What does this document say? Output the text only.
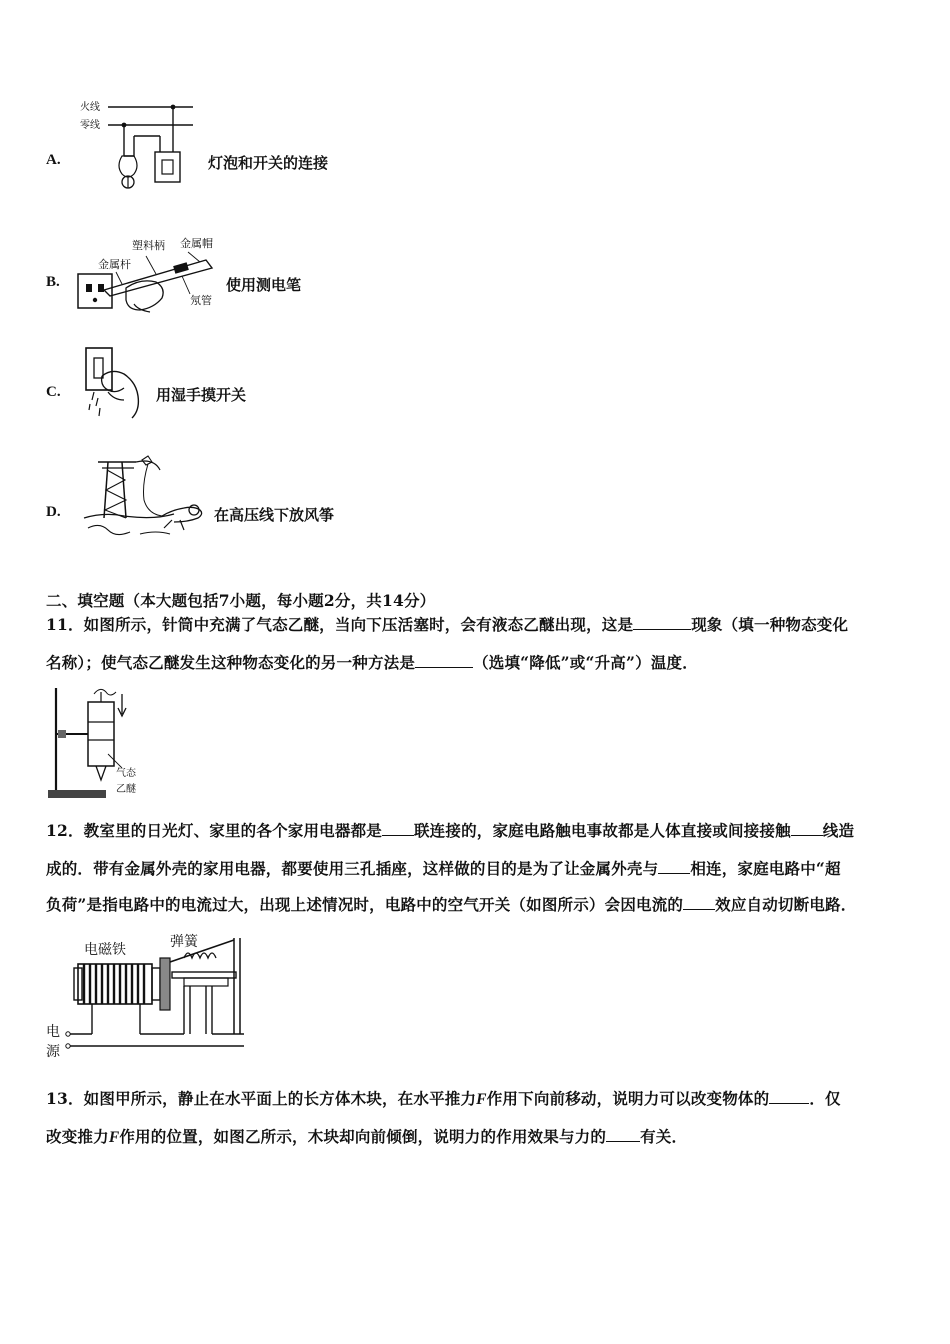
A.
火线
零线
灯泡和开关的连接
B.
塑料柄 金属帽
金属杆
氖管
使用测电笔
C.	用湿手摸开关
D.	在高压线下放风筝
二、填空题（本大题包括7小题，每小题2分，共14分）
11．如图所示，针筒中充满了气态乙醚，当向下压活塞时，会有液态乙醚出现，这是	现象（填一种物态变化
名称）；使气态乙醚发生这种物态变化的另一种方法是	（选填“降低”或“升高”）温度．
气态
乙醚
12．教室里的日光灯、家里的各个家用电器都是 联连接的，家庭电路触电事故都是人体直接或间接接触 线造
成的．带有金属外壳的家用电器，都要使用三孔插座，这样做的目的是为了让金属外壳与 相连，家庭电路中“超
负荷”是指电路中的电流过大，出现上述情况时，电路中的空气开关（如图所示）会因电流的 效应自动切断电路．
电磁铁	弹簧
电
源
13．如图甲所示，静止在水平面上的长方体木块，在水平推力F作用下向前移动，说明力可以改变物体的	．仅
改变推力F作用的位置，如图乙所示，木块却向前倾倒，说明力的作用效果与力的 有关．
